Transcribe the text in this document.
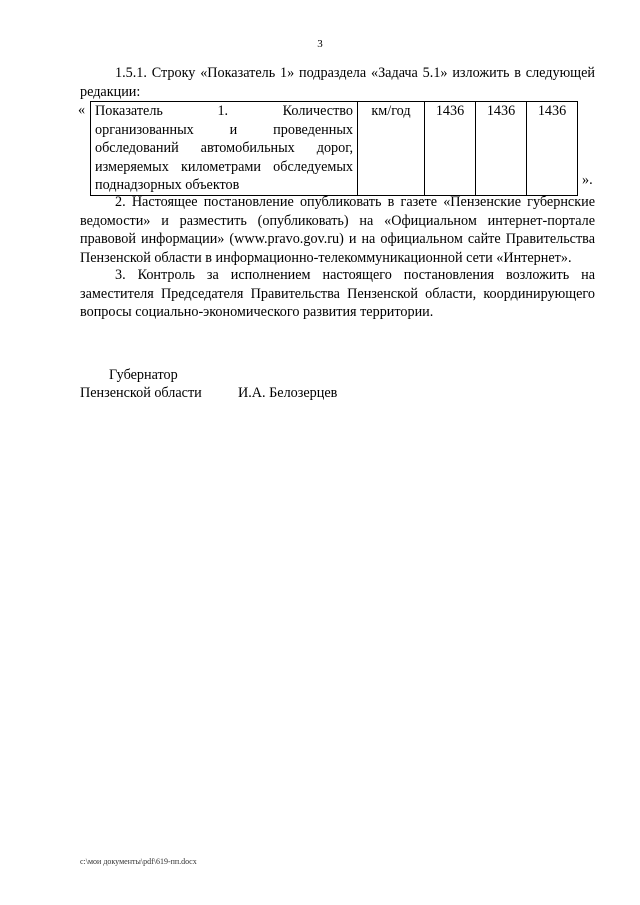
3

1.5.1. Строку «Показатель 1» подраздела «Задача 5.1» изложить в следующей редакции:

« Показатель 1. Количество организованных и проведенных обследований автомобильных дорог, измеряемых километрами обследуемых поднадзорных объектов	км/год	1436	1436	1436
».

2. Настоящее постановление опубликовать в газете «Пензенские губернские ведомости» и разместить (опубликовать) на «Официальном интернет-портале правовой информации» (www.pravo.gov.ru) и на официальном сайте Правительства Пензенской области в информационно-телекоммуникационной сети «Интернет».

3. Контроль за исполнением настоящего постановления возложить на заместителя Председателя Правительства Пензенской области, координирующего вопросы социально-экономического развития территории.

Губернатор
Пензенской области	И.А. Белозерцев
c:\мои документы\pdf\619-пп.docx
